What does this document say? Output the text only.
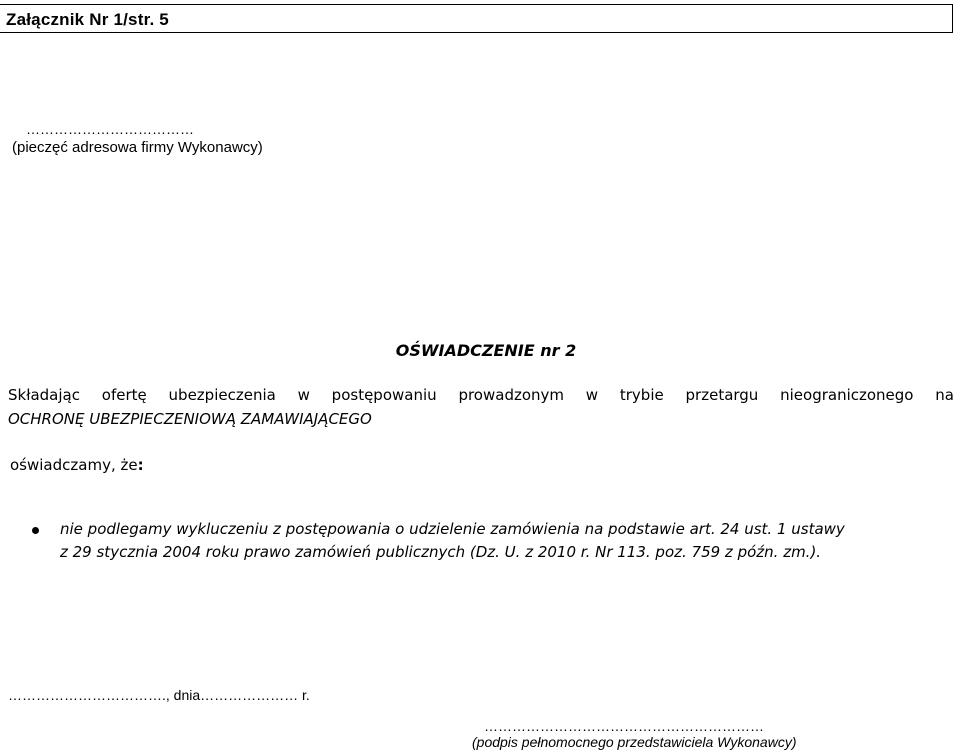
Załącznik Nr 1/str. 5
………………………………
(pieczęć adresowa firmy Wykonawcy)
OŚWIADCZENIE nr 2
Składając ofertę ubezpieczenia w postępowaniu prowadzonym w trybie przetargu nieograniczonego na
OCHRONĘ UBEZPIECZENIOWĄ ZAMAWIAJĄCEGO
oświadczamy, że:
nie podlegamy wykluczeniu z postępowania o udzielenie zamówienia na podstawie art. 24 ust. 1 ustawy
z 29 stycznia 2004 roku prawo zamówień publicznych (Dz. U. z 2010 r. Nr 113. poz. 759 z późn. zm.).
……………………………., dnia………………… r.
……………………………………………………
(podpis pełnomocnego przedstawiciela Wykonawcy)
